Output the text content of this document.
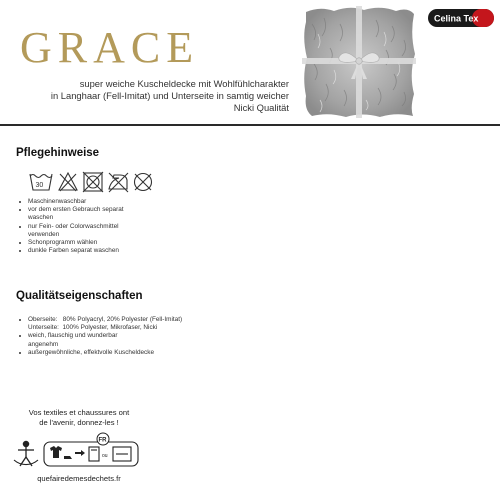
GRACE
super weiche Kuscheldecke mit Wohlfühlcharakter
in Langhaar (Fell-Imitat) und Unterseite in samtig weicher
Nicki Qualität
Celina Tex
Pflegehinweise
30
Maschinenwaschbar
vor dem ersten Gebrauch separat
waschen
nur Fein- oder Colorwaschmittel
verwenden
Schonprogramm wählen
dunkle Farben separat waschen
Qualitätseigenschaften
Oberseite:   80% Polyacryl, 20% Polyester (Fell-Imitat)
Unterseite:  100% Polyester, Mikrofaser, Nicki
weich, flauschig und wunderbar
angenehm
außergewöhnliche, effektvolle Kuscheldecke
Vos textiles et chaussures ont
de l'avenir, donnez-les !
FR
ou
quefairedemesdechets.fr
